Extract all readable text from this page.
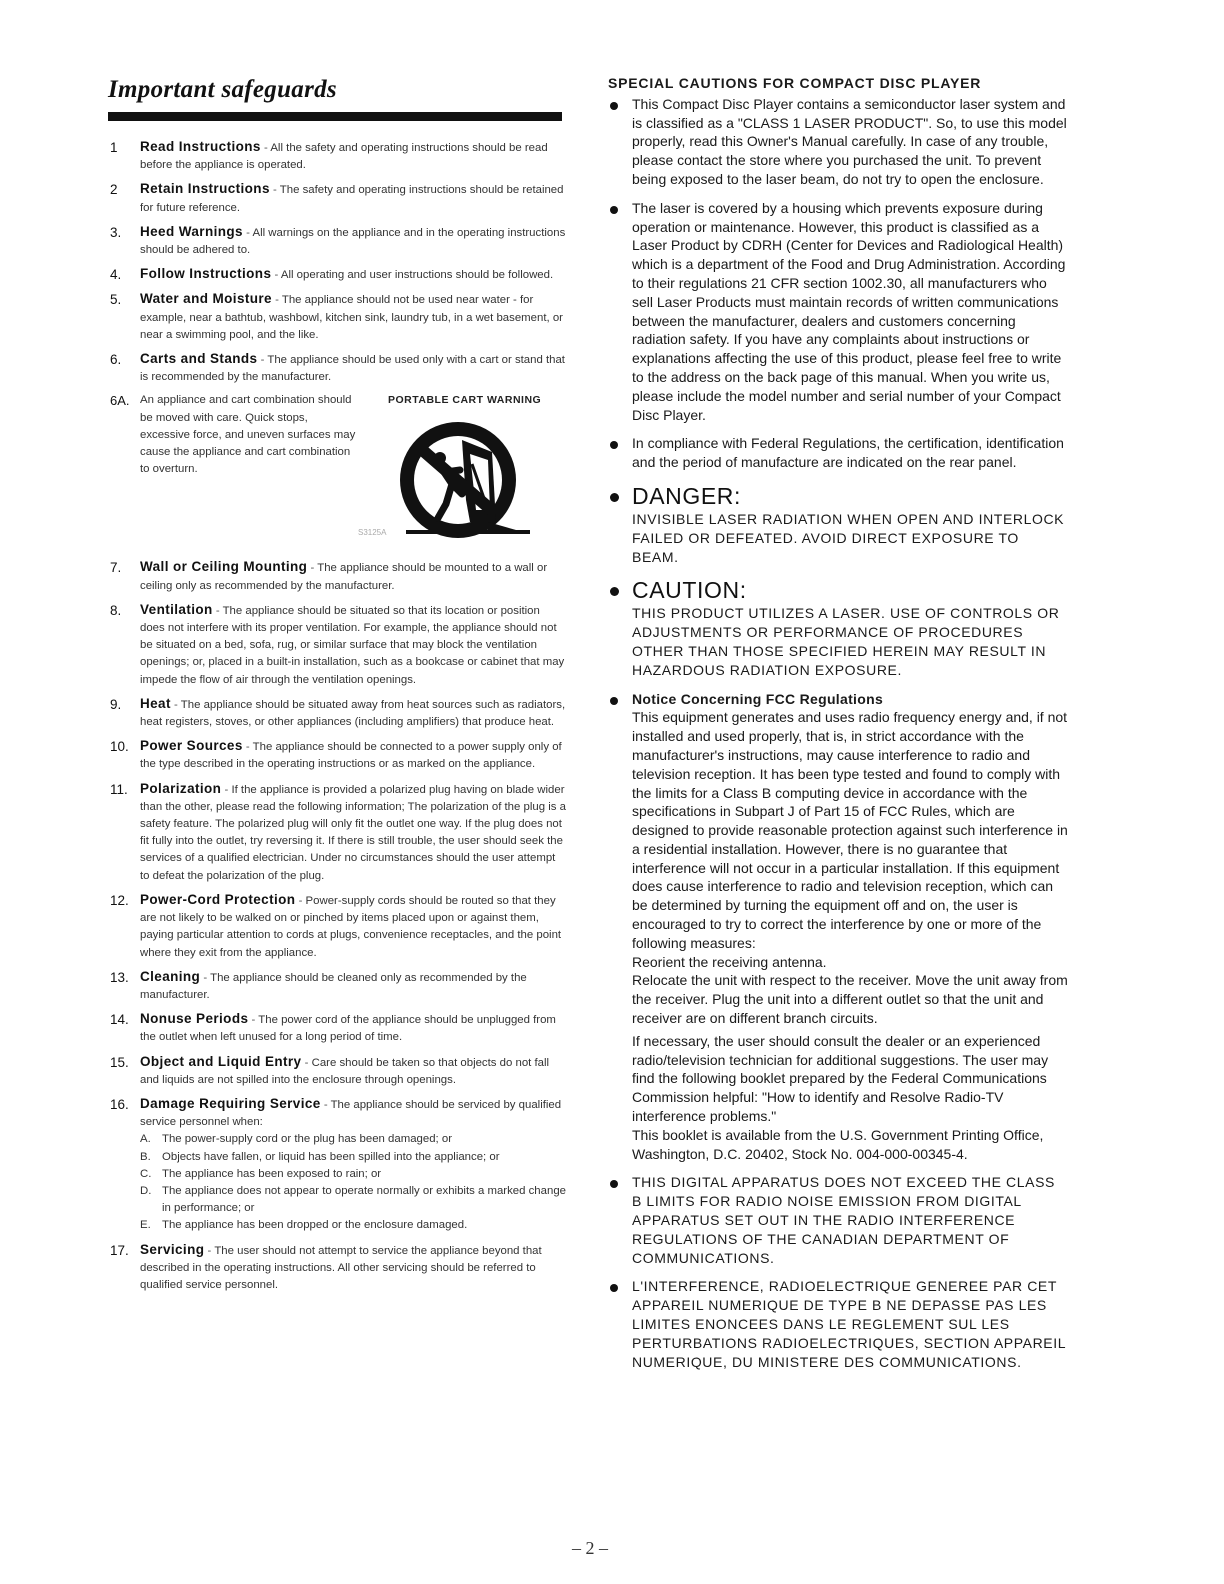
Important safeguards
1 Read Instructions - All the safety and operating instructions should be read before the appliance is operated.
2 Retain Instructions - The safety and operating instructions should be retained for future reference.
3. Heed Warnings - All warnings on the appliance and in the operating instructions should be adhered to.
4. Follow Instructions - All operating and user instructions should be followed.
5. Water and Moisture - The appliance should not be used near water - for example, near a bathtub, washbowl, kitchen sink, laundry tub, in a wet basement, or near a swimming pool, and the like.
6. Carts and Stands - The appliance should be used only with a cart or stand that is recommended by the manufacturer.
6A. An appliance and cart combination should be moved with care. Quick stops, excessive force, and uneven surfaces may cause the appliance and cart combination to overturn.
PORTABLE CART WARNING
S3125A
7. Wall or Ceiling Mounting - The appliance should be mounted to a wall or ceiling only as recommended by the manufacturer.
8. Ventilation - The appliance should be situated so that its location or position does not interfere with its proper ventilation. For example, the appliance should not be situated on a bed, sofa, rug, or similar surface that may block the ventilation openings; or, placed in a built-in installation, such as a bookcase or cabinet that may impede the flow of air through the ventilation openings.
9. Heat - The appliance should be situated away from heat sources such as radiators, heat registers, stoves, or other appliances (including amplifiers) that produce heat.
10. Power Sources - The appliance should be connected to a power supply only of the type described in the operating instructions or as marked on the appliance.
11. Polarization - If the appliance is provided a polarized plug having on blade wider than the other, please read the following information; The polarization of the plug is a safety feature. The polarized plug will only fit the outlet one way. If the plug does not fit fully into the outlet, try reversing it. If there is still trouble, the user should seek the services of a qualified electrician. Under no circumstances should the user attempt to defeat the polarization of the plug.
12. Power-Cord Protection - Power-supply cords should be routed so that they are not likely to be walked on or pinched by items placed upon or against them, paying particular attention to cords at plugs, convenience receptacles, and the point where they exit from the appliance.
13. Cleaning - The appliance should be cleaned only as recommended by the manufacturer.
14. Nonuse Periods - The power cord of the appliance should be unplugged from the outlet when left unused for a long period of time.
15. Object and Liquid Entry - Care should be taken so that objects do not fall and liquids are not spilled into the enclosure through openings.
16. Damage Requiring Service - The appliance should be serviced by qualified service personnel when:
A. The power-supply cord or the plug has been damaged; or
B. Objects have fallen, or liquid has been spilled into the appliance; or
C. The appliance has been exposed to rain; or
D. The appliance does not appear to operate normally or exhibits a marked change in performance; or
E. The appliance has been dropped or the enclosure damaged.
17. Servicing - The user should not attempt to service the appliance beyond that described in the operating instructions. All other servicing should be referred to qualified service personnel.
SPECIAL CAUTIONS FOR COMPACT DISC PLAYER
This Compact Disc Player contains a semiconductor laser system and is classified as a "CLASS 1 LASER PRODUCT". So, to use this model properly, read this Owner's Manual carefully. In case of any trouble, please contact the store where you purchased the unit. To prevent being exposed to the laser beam, do not try to open the enclosure.
The laser is covered by a housing which prevents exposure during operation or maintenance. However, this product is classified as a Laser Product by CDRH (Center for Devices and Radiological Health) which is a department of the Food and Drug Administration. According to their regulations 21 CFR section 1002.30, all manufacturers who sell Laser Products must maintain records of written communications between the manufacturer, dealers and customers concerning radiation safety. If you have any complaints about instructions or explanations affecting the use of this product, please feel free to write to the address on the back page of this manual. When you write us, please include the model number and serial number of your Compact Disc Player.
In compliance with Federal Regulations, the certification, identification and the period of manufacture are indicated on the rear panel.
DANGER:
INVISIBLE LASER RADIATION WHEN OPEN AND INTERLOCK FAILED OR DEFEATED. AVOID DIRECT EXPOSURE TO BEAM.
CAUTION:
THIS PRODUCT UTILIZES A LASER. USE OF CONTROLS OR ADJUSTMENTS OR PERFORMANCE OF PROCEDURES OTHER THAN THOSE SPECIFIED HEREIN MAY RESULT IN HAZARDOUS RADIATION EXPOSURE.
Notice Concerning FCC Regulations
This equipment generates and uses radio frequency energy and, if not installed and used properly, that is, in strict accordance with the manufacturer's instructions, may cause interference to radio and television reception. It has been type tested and found to comply with the limits for a Class B computing device in accordance with the specifications in Subpart J of Part 15 of FCC Rules, which are designed to provide reasonable protection against such interference in a residential installation. However, there is no guarantee that interference will not occur in a particular installation. If this equipment does cause interference to radio and television reception, which can be determined by turning the equipment off and on, the user is encouraged to try to correct the interference by one or more of the following measures:
Reorient the receiving antenna.
Relocate the unit with respect to the receiver. Move the unit away from the receiver. Plug the unit into a different outlet so that the unit and receiver are on different branch circuits.
If necessary, the user should consult the dealer or an experienced radio/television technician for additional suggestions. The user may find the following booklet prepared by the Federal Communications Commission helpful: "How to identify and Resolve Radio-TV interference problems."
This booklet is available from the U.S. Government Printing Office, Washington, D.C. 20402, Stock No. 004-000-00345-4.
THIS DIGITAL APPARATUS DOES NOT EXCEED THE CLASS B LIMITS FOR RADIO NOISE EMISSION FROM DIGITAL APPARATUS SET OUT IN THE RADIO INTERFERENCE REGULATIONS OF THE CANADIAN DEPARTMENT OF COMMUNICATIONS.
L'INTERFERENCE, RADIOELECTRIQUE GENEREE PAR CET APPAREIL NUMERIQUE DE TYPE B NE DEPASSE PAS LES LIMITES ENONCEES DANS LE REGLEMENT SUL LES PERTURBATIONS RADIOELECTRIQUES, SECTION APPAREIL NUMERIQUE, DU MINISTERE DES COMMUNICATIONS.
– 2 –
